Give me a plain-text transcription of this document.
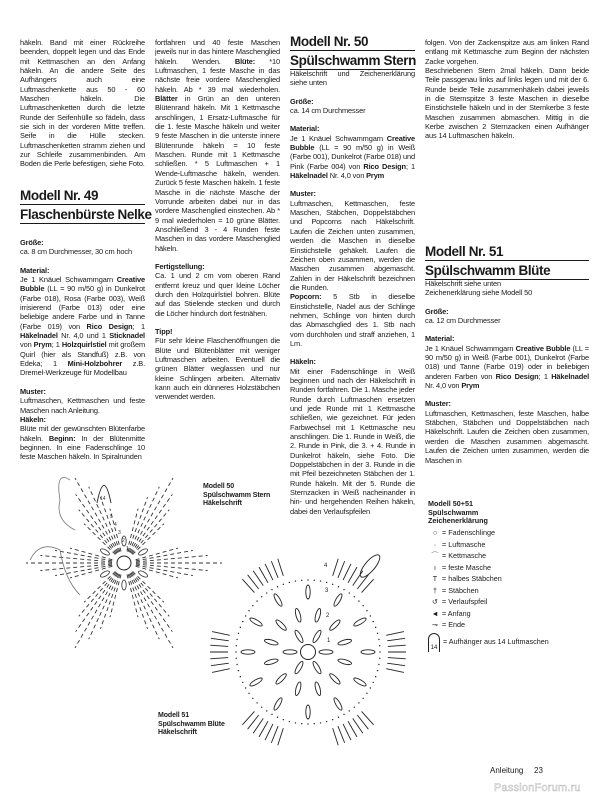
14
1
2
3
4
5
1
2
3
4

häkeln. Band mit einer Rückreihe beenden, doppelt legen und das Ende mit Kettmaschen an den Anfang häkeln. An die andere Seite des Aufhängers auch eine Luftmaschenkette aus 50 - 60 Maschen häkeln. Die Luftmaschenketten durch die letzte Runde der Seifenhülle so fädeln, dass sie sich in der vorderen Mitte treffen. Seife in die Hülle stecken. Luftmaschenketten stramm ziehen und zur Schleife zusammenbinden. Am Boden die Perle befestigen, siehe Foto.

Modell Nr. 49
Flaschenbürste Nelke
Größe:

ca. 8 cm Durchmesser, 30 cm hoch

Material:

Je 1 Knäuel Schwammgarn Creative Bubble (LL = 90 m/50 g) in Dunkelrot (Farbe 018), Rosa (Farbe 003), Weiß irrisierend (Farbe 013) oder eine beliebige andere Farbe und in Tanne (Farbe 019) von Rico Design; 1 Häkelnadel Nr. 4,0 und 1 Sticknadel von Prym; 1 Holzquirlstiel mit großem Quirl (hier als Standfuß) z.B. von Edeka; 1 Mini-Holzbohrer z.B. Dremel-Werkzeuge für Modellbau

Muster:

Luftmaschen, Kettmaschen und feste Maschen nach Anleitung.

Häkeln:

Blüte mit der gewünschten Blütenfarbe häkeln. Beginn: In der Blütenmitte beginnen. In eine Fadenschlinge 10 feste Maschen häkeln. In Spiralrunden

fortfahren und 40 feste Maschen jeweils nur in das hintere Maschenglied häkeln. Wenden. Blüte: *10 Luftmaschen, 1 feste Masche in das nächste freie vordere Maschenglied häkeln. Ab * 39 mal wiederholen. Blätter in Grün an den unteren Blütenrand häkeln. Mit 1 Kettmasche anschlingen, 1 Ersatz-Luftmasche für die 1. feste Masche häkeln und weiter 9 feste Maschen in die unterste innere Blütenrunde häkeln = 10 feste Maschen. Runde mit 1 Kettmasche schließen. * 5 Luftmaschen + 1 Wende-Luftmasche häkeln, wenden. Zurück 5 feste Maschen häkeln. 1 feste Masche in die nächste Masche der Vorrunde arbeiten dabei nur in das vordere Maschenglied einstechen. Ab * 9 mal wiederholen = 10 grüne Blätter. Anschließend 3 - 4 Runden feste Maschen in das vordere Maschenglied häkeln.

Fertigstellung:

Ca. 1 und 2 cm vom oberen Rand entfernt kreuz und quer kleine Löcher durch den Holzquirlstiel bohren. Blüte auf das Stielende stecken und durch die Löcher hindurch dort festnähen.

Tipp!

Für sehr kleine Flaschenöffnungen die Blüte und Blütenblätter mit weniger Luftmaschen arbeiten. Eventuell die grünen Blätter weglassen und nur kleine Schlingen arbeiten. Alternativ kann auch ein dünneres Holzstäbchen verwendet werden.

Modell Nr. 50
Spülschwamm Stern

Häkelschrift und Zeichenerklärung siehe unten

Größe:

ca. 14 cm Durchmesser

Material:

Je 1 Knäuel Schwammgarn Creative Bubble (LL = 90 m/50 g) in Weiß (Farbe 001), Dunkelrot (Farbe 018) und Pink (Farbe 004) von Rico Design; 1 Häkelnadel Nr. 4,0 von Prym

Muster:

Luftmaschen, Kettmaschen, feste Maschen, Stäbchen, Doppelstäbchen und Popcorns nach Häkelschrift. Laufen die Zeichen unten zusammen, werden die Maschen in dieselbe Einstichstelle gehäkelt. Laufen die Zeichen oben zusammen, werden die Maschen zusammen abgemascht. Zahlen in der Häkelschrift bezeichnen die Runden.

Popcorn: 5 Stb in dieselbe Einstichstelle, Nadel aus der Schlinge nehmen, Schlinge von hinten durch das Abmaschglied des 1. Stb nach vorn durchholen und straff anziehen, 1 Lm.

Häkeln:

Mit einer Fadenschlinge in Weiß beginnen und nach der Häkelschrift in Runden fortfahren. Die 1. Masche jeder Runde durch Luftmaschen ersetzen und jede Runde mit 1 Kettmasche schließen, wie gezeichnet. Für jeden Farbwechsel mit 1 Kettmasche neu anschlingen. Die 1. Runde in Weiß, die 2. Runde in Pink, die 3. + 4. Runde in Dunkelrot häkeln, siehe Foto. Die Doppelstäbchen in der 3. Runde in die mit Pfeil bezeichneten Stäbchen der 1. Runde häkeln. Mit der 5. Runde die Sternzacken in Weiß nacheinander in hin- und hergehenden Reihen häkeln, dabei den Verlaufspfeilen

folgen. Von der Zackenspitze aus am linken Rand entlang mit Kettmasche zum Beginn der nächsten Zacke vorgehen.

Beschriebenen Stern 2mal häkeln. Dann beide Teile passgenau links auf links legen und mit der 6. Runde beide Teile zusammenhäkeln dabei jeweils in die Sternspitze 3 feste Maschen in dieselbe Einstichstelle häkeln und in der Sternkerbe 3 feste Maschen zusammen abmaschen. Mittig in die Kerbe zwischen 2 Sternzacken einen Aufhänger aus 14 Luftmaschen häkeln.

Modell Nr. 51
Spülschwamm Blüte

Häkelschrift siehe unten

Zeichenerklärung siehe Modell 50

Größe:

ca. 12 cm Durchmesser

Material:

Je 1 Knäuel Schwammgarn Creative Bubble (LL = 90 m/50 g) in Weiß (Farbe 001), Dunkelrot (Farbe 018) und Tanne (Farbe 019) oder in beliebigen anderen Farben von Rico Design; 1 Häkelnadel Nr. 4,0 von Prym

Muster:

Luftmaschen, Kettmaschen, feste Maschen, halbe Stäbchen, Stäbchen und Doppelstäbchen nach Häkelschrift. Laufen die Zeichen oben zusammen, werden die Maschen zusammen abgemascht. Laufen die Zeichen unten zusammen, werden die Maschen in

Modell 50
Spülschwamm Stern
Häkelschrift
Modell 51
Spülschwamm Blüte
Häkelschrift
Modell 50+51
Spülschwamm
Zeichenerklärung
○ = Fadenschlinge
· = Luftmasche
⌒ = Kettmasche
ı = feste Masche
T = halbes Stäbchen
† = Stäbchen
↺ = Verlaufspfeil
◄ = Anfang
⊸ = Ende
14
= Aufhänger aus 14 Luftmaschen
Anleitung 23
PassionForum.ru
